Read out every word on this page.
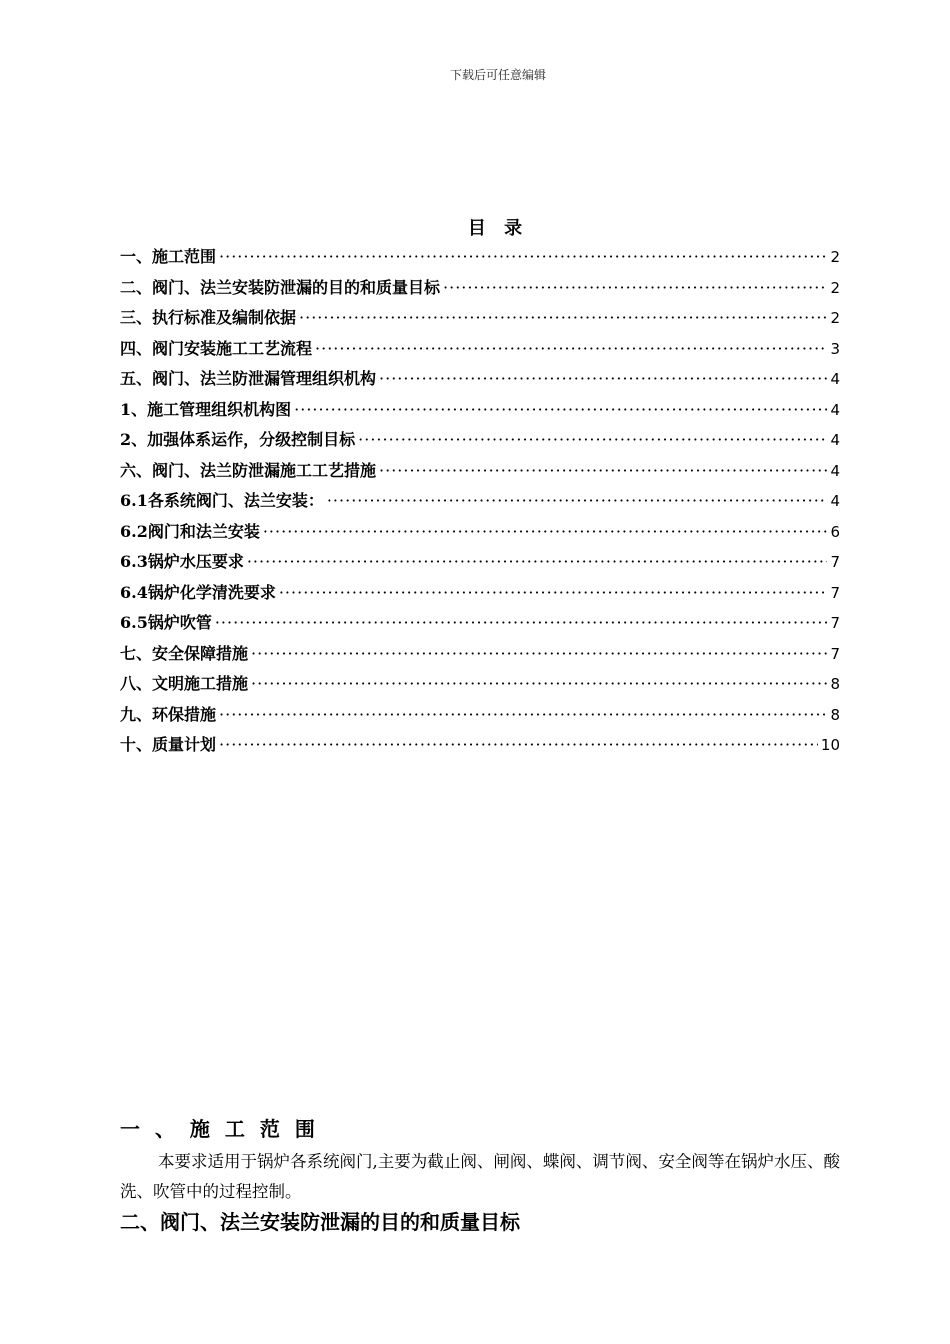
下载后可任意编辑
目 录
一、施工范围 ·····	2
二、阀门、法兰安装防泄漏的目的和质量目标 ·····	2
三、执行标准及编制依据 ·····	2
四、阀门安装施工工艺流程 ·····	3
五、阀门、法兰防泄漏管理组织机构 ·····	4
1、施工管理组织机构图 ·····	4
2、加强体系运作，分级控制目标 ·····	4
六、阀门、法兰防泄漏施工工艺措施 ·····	4
6.1各系统阀门、法兰安装： ·····	4
6.2阀门和法兰安装 ·····	6
6.3锅炉水压要求 ·····	7
6.4锅炉化学清洗要求 ·····	7
6.5锅炉吹管 ·····	7
七、安全保障措施 ·····	7
八、文明施工措施 ·····	8
九、环保措施 ·····	8
十、质量计划 ·····	10
一 、 施 工 范 围

本要求适用于锅炉各系统阀门,主要为截止阀、闸阀、蝶阀、调节阀、安全阀等在锅炉水压、酸洗、吹管中的过程控制。

二、阀门、法兰安装防泄漏的目的和质量目标
